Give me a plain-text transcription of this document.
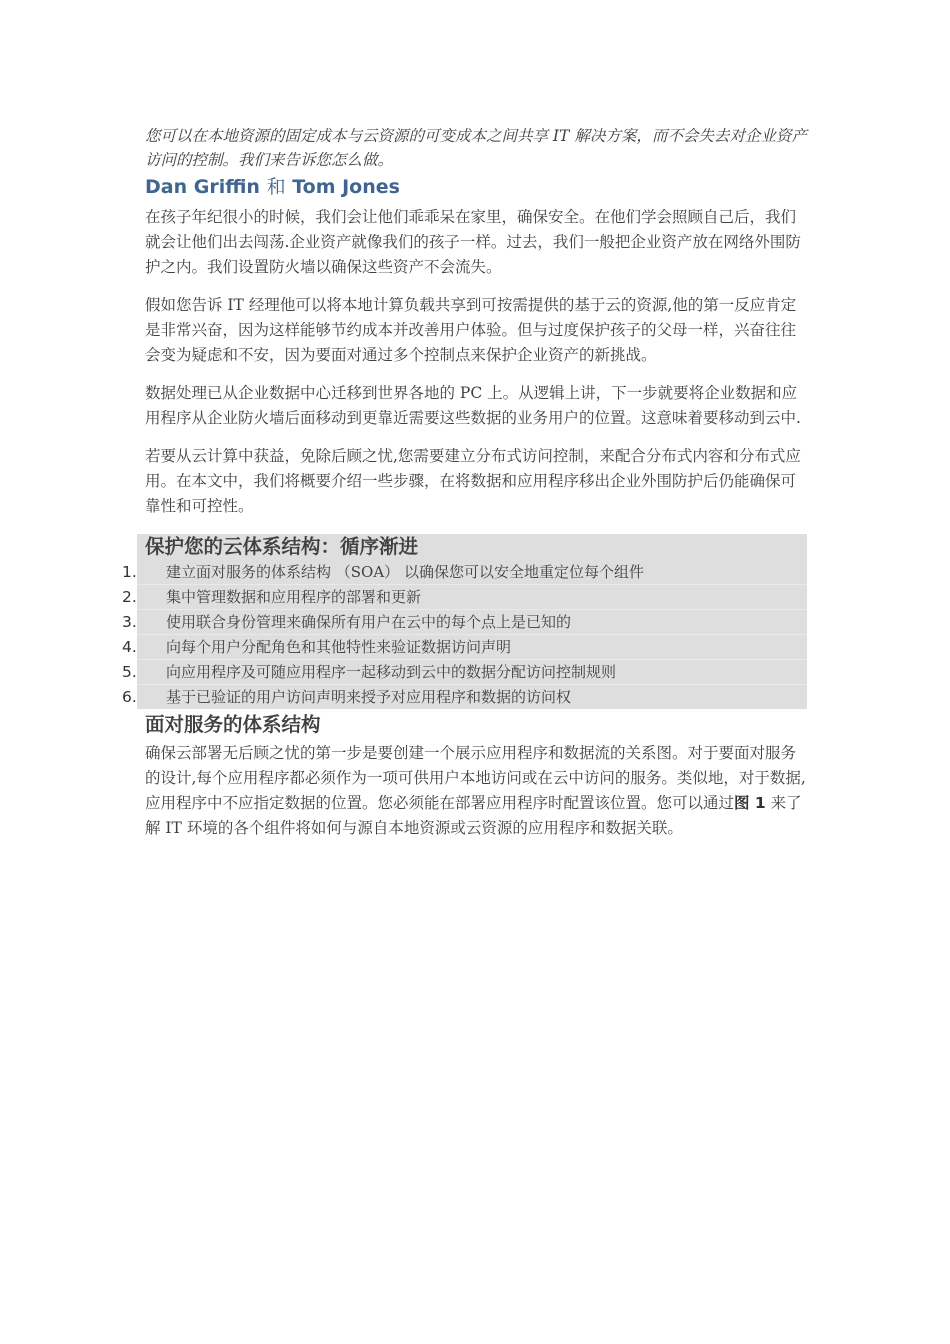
您可以在本地资源的固定成本与云资源的可变成本之间共享 IT 解决方案，而不会失去对企业资产访问的控制。我们来告诉您怎么做。

Dan Griffin 和 Tom Jones

在孩子年纪很小的时候，我们会让他们乖乖呆在家里，确保安全。在他们学会照顾自己后，我们就会让他们出去闯荡.企业资产就像我们的孩子一样。过去，我们一般把企业资产放在网络外围防护之内。我们设置防火墙以确保这些资产不会流失。

假如您告诉 IT 经理他可以将本地计算负载共享到可按需提供的基于云的资源,他的第一反应肯定是非常兴奋，因为这样能够节约成本并改善用户体验。但与过度保护孩子的父母一样，兴奋往往会变为疑虑和不安，因为要面对通过多个控制点来保护企业资产的新挑战。

数据处理已从企业数据中心迁移到世界各地的 PC 上。从逻辑上讲，下一步就要将企业数据和应用程序从企业防火墙后面移动到更靠近需要这些数据的业务用户的位置。这意味着要移动到云中.

若要从云计算中获益，免除后顾之忧,您需要建立分布式访问控制，来配合分布式内容和分布式应用。在本文中，我们将概要介绍一些步骤，在将数据和应用程序移出企业外围防护后仍能确保可靠性和可控性。

保护您的云体系结构：循序渐进
1.	建立面对服务的体系结构 （SOA） 以确保您可以安全地重定位每个组件
2.	集中管理数据和应用程序的部署和更新
3.	使用联合身份管理来确保所有用户在云中的每个点上是已知的
4.	向每个用户分配角色和其他特性来验证数据访问声明
5.	向应用程序及可随应用程序一起移动到云中的数据分配访问控制规则
6.	基于已验证的用户访问声明来授予对应用程序和数据的访问权
面对服务的体系结构

确保云部署无后顾之忧的第一步是要创建一个展示应用程序和数据流的关系图。对于要面对服务的设计,每个应用程序都必须作为一项可供用户本地访问或在云中访问的服务。类似地，对于数据,应用程序中不应指定数据的位置。您必须能在部署应用程序时配置该位置。您可以通过图 1 来了解 IT 环境的各个组件将如何与源自本地资源或云资源的应用程序和数据关联。
